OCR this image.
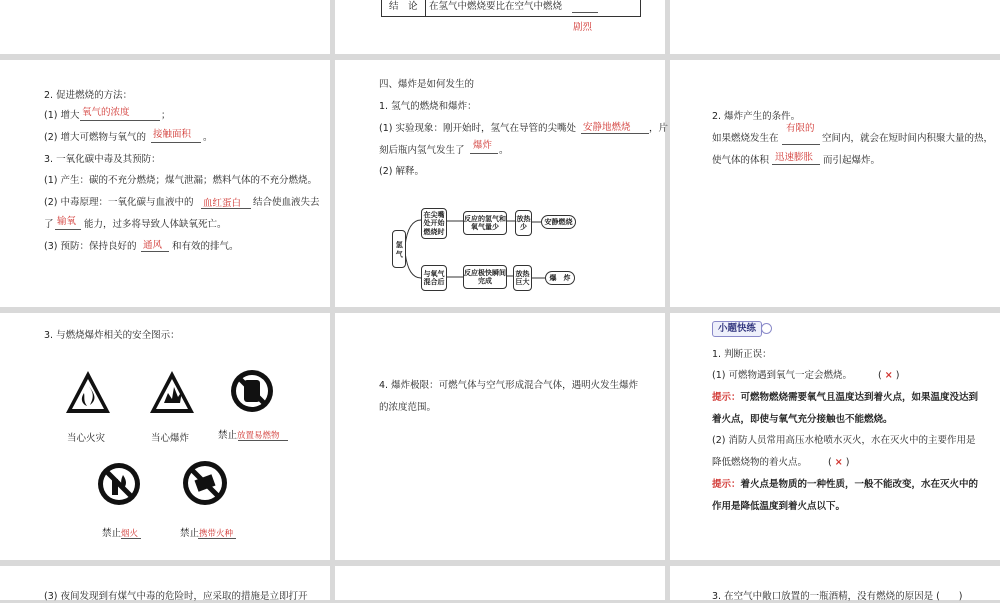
结　论 在氢气中燃烧要比在空气中燃烧
剧烈
2. 促进燃烧的方法：
(1) 增大 氧气的浓度	；
(2) 增大可燃物与氧气的 接触面积 。
3. 一氧化碳中毒及其预防：
(1) 产生：碳的不充分燃烧；煤气泄漏；燃料气体的不充分燃烧。
(2) 中毒原理：一氧化碳与血液中的 血红蛋白 结合使血液失去
了 输氧 能力，过多将导致人体缺氧死亡。
(3) 预防：保持良好的 通风 和有效的排气。
四、爆炸是如何发生的
1. 氢气的燃烧和爆炸：
(1) 实验现象：刚开始时，氢气在导管的尖嘴处 安静地燃烧 ，片
刻后瓶内氢气发生了 爆炸 。
(2) 解释。
氢 气
在尖嘴处开始燃烧时
反应的氢气和氧气量少
放热少
安静燃烧
与氧气混合后
反应极快瞬间完成
放热巨大
爆　炸
2. 爆炸产生的条件。
如果燃烧发生在
有限的
空间内，就会在短时间内积聚大量的热，
使气体的体积 迅速膨胀 而引起爆炸。
3. 与燃烧爆炸相关的安全图示：
当心火灾	当心爆炸	禁止放置易燃物
禁止烟火	禁止携带火种
4. 爆炸极限：可燃气体与空气形成混合气体，遇明火发生爆炸
的浓度范围。
小题快练
1. 判断正误：
(1) 可燃物遇到氧气一定会燃烧。	( × )
提示：可燃物燃烧需要氧气且温度达到着火点，如果温度没达到
着火点，即使与氧气充分接触也不能燃烧。
(2) 消防人员常用高压水枪喷水灭火，水在灭火中的主要作用是
降低燃烧物的着火点。 ( × )
提示：着火点是物质的一种性质，一般不能改变，水在灭火中的
作用是降低温度到着火点以下。
(3) 夜间发现到有煤气中毒的危险时，应采取的措施是立即打开	3. 在空气中敞口放置的一瓶酒精，没有燃烧的原因是 (　　)
